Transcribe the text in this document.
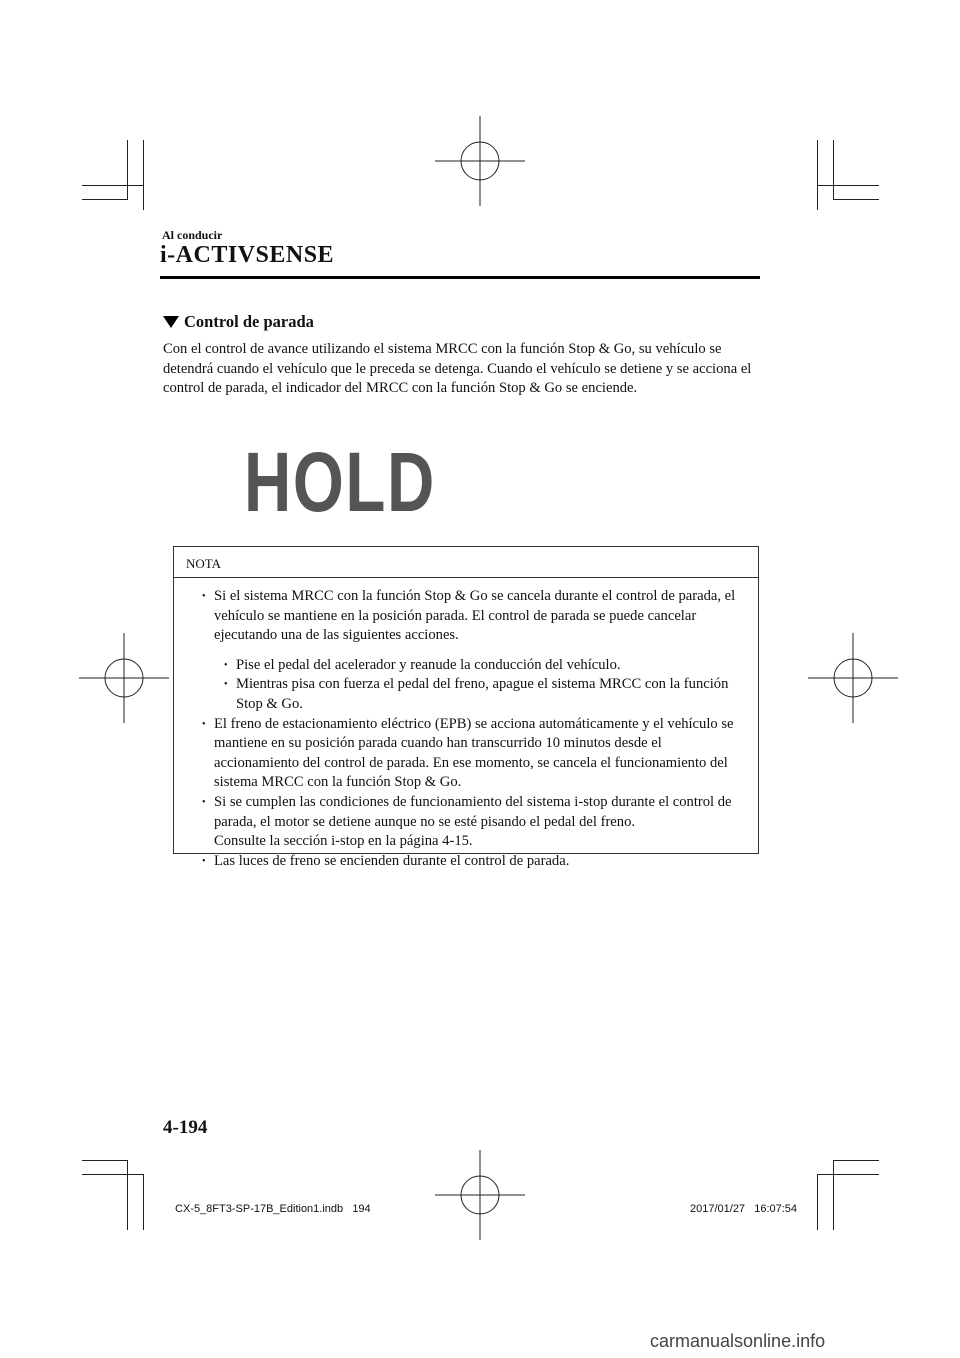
Al conducir
i-ACTIVSENSE
Control de parada
Con el control de avance utilizando el sistema MRCC con la función Stop & Go, su vehículo se detendrá cuando el vehículo que le preceda se detenga. Cuando el vehículo se detiene y se acciona el control de parada, el indicador del MRCC con la función Stop & Go se enciende.
HOLD
NOTA
• Si el sistema MRCC con la función Stop & Go se cancela durante el control de parada, el vehículo se mantiene en la posición parada. El control de parada se puede cancelar ejecutando una de las siguientes acciones.
• Pise el pedal del acelerador y reanude la conducción del vehículo.
• Mientras pisa con fuerza el pedal del freno, apague el sistema MRCC con la función Stop & Go.
• El freno de estacionamiento eléctrico (EPB) se acciona automáticamente y el vehículo se mantiene en su posición parada cuando han transcurrido 10 minutos desde el accionamiento del control de parada. En ese momento, se cancela el funcionamiento del sistema MRCC con la función Stop & Go.
• Si se cumplen las condiciones de funcionamiento del sistema i-stop durante el control de parada, el motor se detiene aunque no se esté pisando el pedal del freno.
Consulte la sección i-stop en la página 4-15.
• Las luces de freno se encienden durante el control de parada.
4-194
CX-5_8FT3-SP-17B_Edition1.indb   194	2017/01/27   16:07:54
carmanualsonline.info
